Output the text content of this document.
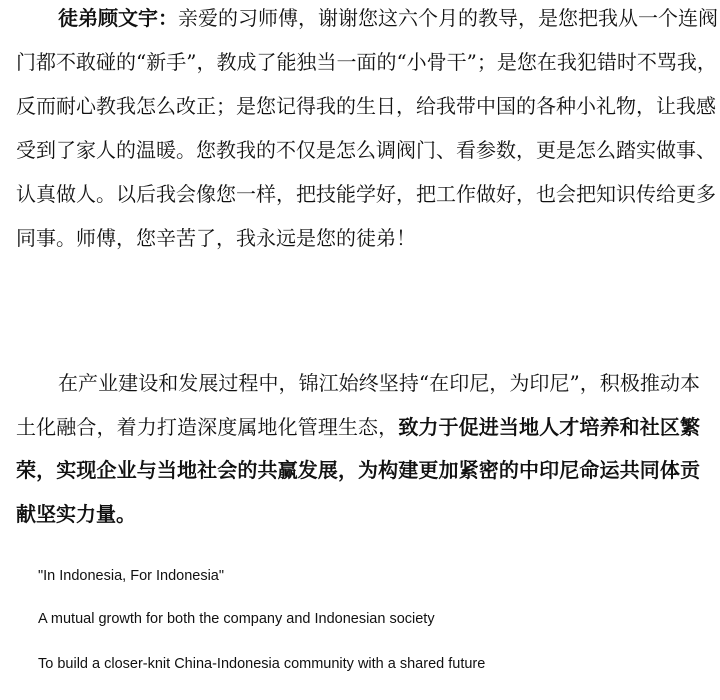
徒弟顾文宇：亲爱的习师傅，谢谢您这六个月的教导，是您把我从一个连阀
门都不敢碰的“新手”，教成了能独当一面的“小骨干”；是您在我犯错时不骂我，
反而耐心教我怎么改正；是您记得我的生日，给我带中国的各种小礼物，让我感
受到了家人的温暖。您教我的不仅是怎么调阀门、看参数，更是怎么踏实做事、
认真做人。以后我会像您一样，把技能学好，把工作做好，也会把知识传给更多
同事。师傅，您辛苦了，我永远是您的徒弟！
在产业建设和发展过程中，锦江始终坚持“在印尼，为印尼”，积极推动本
土化融合，着力打造深度属地化管理生态，致力于促进当地人才培养和社区繁
荣，实现企业与当地社会的共赢发展，为构建更加紧密的中印尼命运共同体贡
献坚实力量。
"In Indonesia, For Indonesia"
A mutual growth for both the company and Indonesian society
To build a closer-knit China-Indonesia community with a shared future
